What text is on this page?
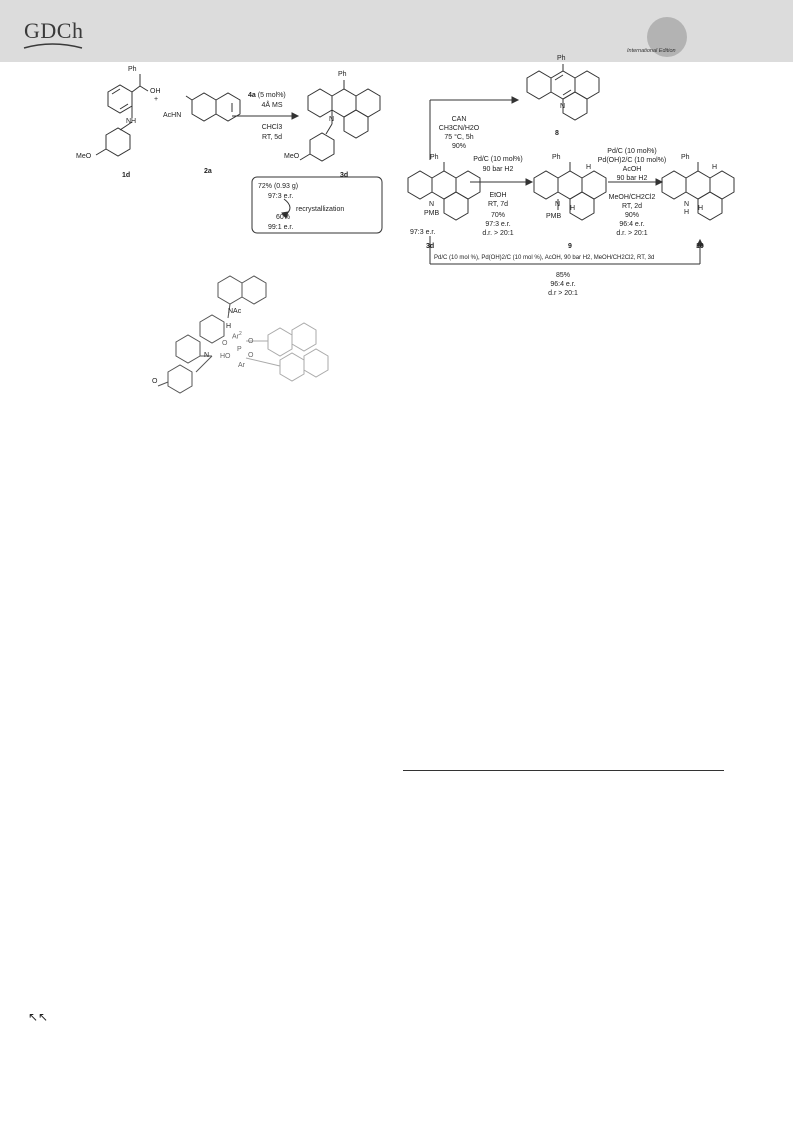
GDCh
International Edition
Ph
OH
NH
MeO
1d
+
AcHN
2a
4a (5 mol%)
4Å MS
CHCl3
RT, 5d
Ph
N
MeO
3d
72% (0.93 g)
97:3 e.r.
recrystallization
60%
99:1 e.r.
NAc
H
Ar$^2$
O	O
P
O
N HO
Ar
O
CAN
CH3CN/H2O
75 °C, 5h
90%
Ph
N
8
Ph
N
PMB
97:3 e.r.
3d
Pd/C (10 mol%)
90 bar H2
EtOH
RT, 7d
70%
97:3 e.r.
d.r. > 20:1
Ph
H
N
H
PMB
9
Pd/C (10 mol%)
Pd(OH)2/C (10 mol%)
AcOH
90 bar H2
MeOH/CH2Cl2
RT, 2d
90%
96:4 e.r.
d.r. > 20:1
Ph
H
N
H
H
10
Pd/C (10 mol %), Pd(OH)2/C (10 mol %), AcOH, 90 bar H2, MeOH/CH2Cl2, RT, 3d
85%
96:4 e.r.
d.r > 20:1
↖↖
